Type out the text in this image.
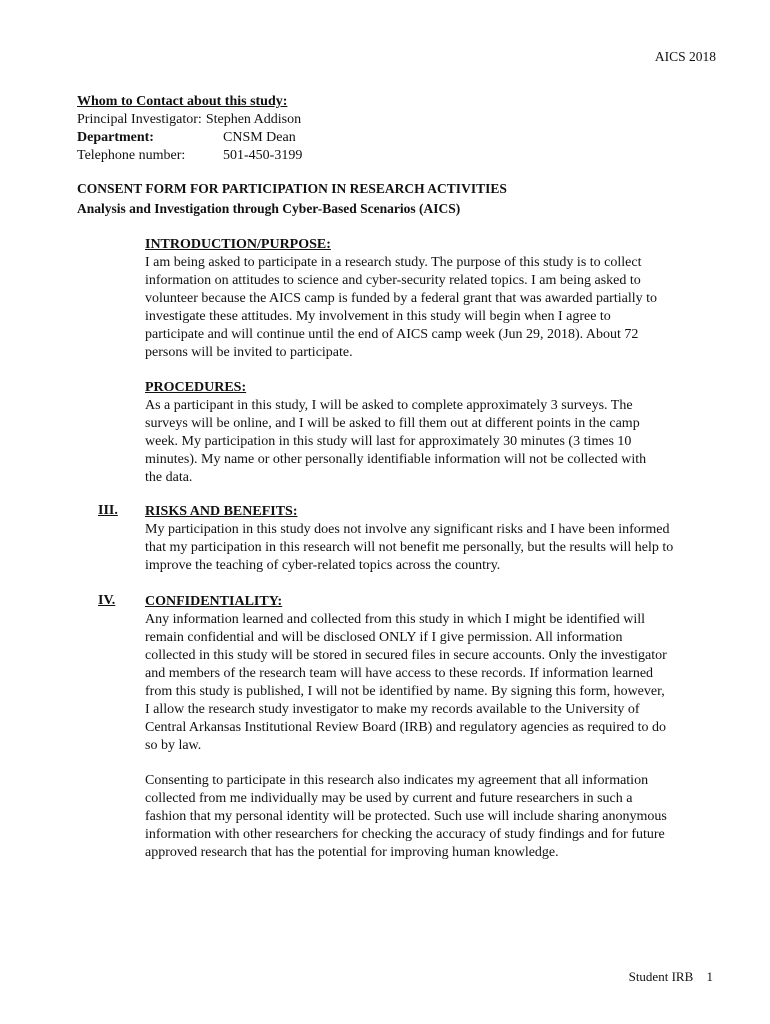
AICS 2018
Whom to Contact about this study:
Principal Investigator: Stephen Addison
Department:	CNSM Dean
Telephone number:	501-450-3199
CONSENT FORM FOR PARTICIPATION IN RESEARCH ACTIVITIES
Analysis and Investigation through Cyber-Based Scenarios (AICS)
INTRODUCTION/PURPOSE:
I am being asked to participate in a research study. The purpose of this study is to collect
information on attitudes to science and cyber-security related topics. I am being asked to
volunteer because the AICS camp is funded by a federal grant that was awarded partially to
investigate these attitudes. My involvement in this study will begin when I agree to
participate and will continue until the end of AICS camp week (Jun 29, 2018). About 72
persons will be invited to participate.
PROCEDURES:
As a participant in this study, I will be asked to complete approximately 3 surveys. The
surveys will be online, and I will be asked to fill them out at different points in the camp
week. My participation in this study will last for approximately 30 minutes (3 times 10
minutes). My name or other personally identifiable information will not be collected with
the data.
III. RISKS AND BENEFITS:
My participation in this study does not involve any significant risks and I have been informed
that my participation in this research will not benefit me personally, but the results will help to
improve the teaching of cyber-related topics across the country.
IV. CONFIDENTIALITY:
Any information learned and collected from this study in which I might be identified will
remain confidential and will be disclosed ONLY if I give permission. All information
collected in this study will be stored in secured files in secure accounts. Only the investigator
and members of the research team will have access to these records. If information learned
from this study is published, I will not be identified by name. By signing this form, however,
I allow the research study investigator to make my records available to the University of
Central Arkansas Institutional Review Board (IRB) and regulatory agencies as required to do
so by law.
Consenting to participate in this research also indicates my agreement that all information
collected from me individually may be used by current and future researchers in such a
fashion that my personal identity will be protected. Such use will include sharing anonymous
information with other researchers for checking the accuracy of study findings and for future
approved research that has the potential for improving human knowledge.
Student IRB 1
